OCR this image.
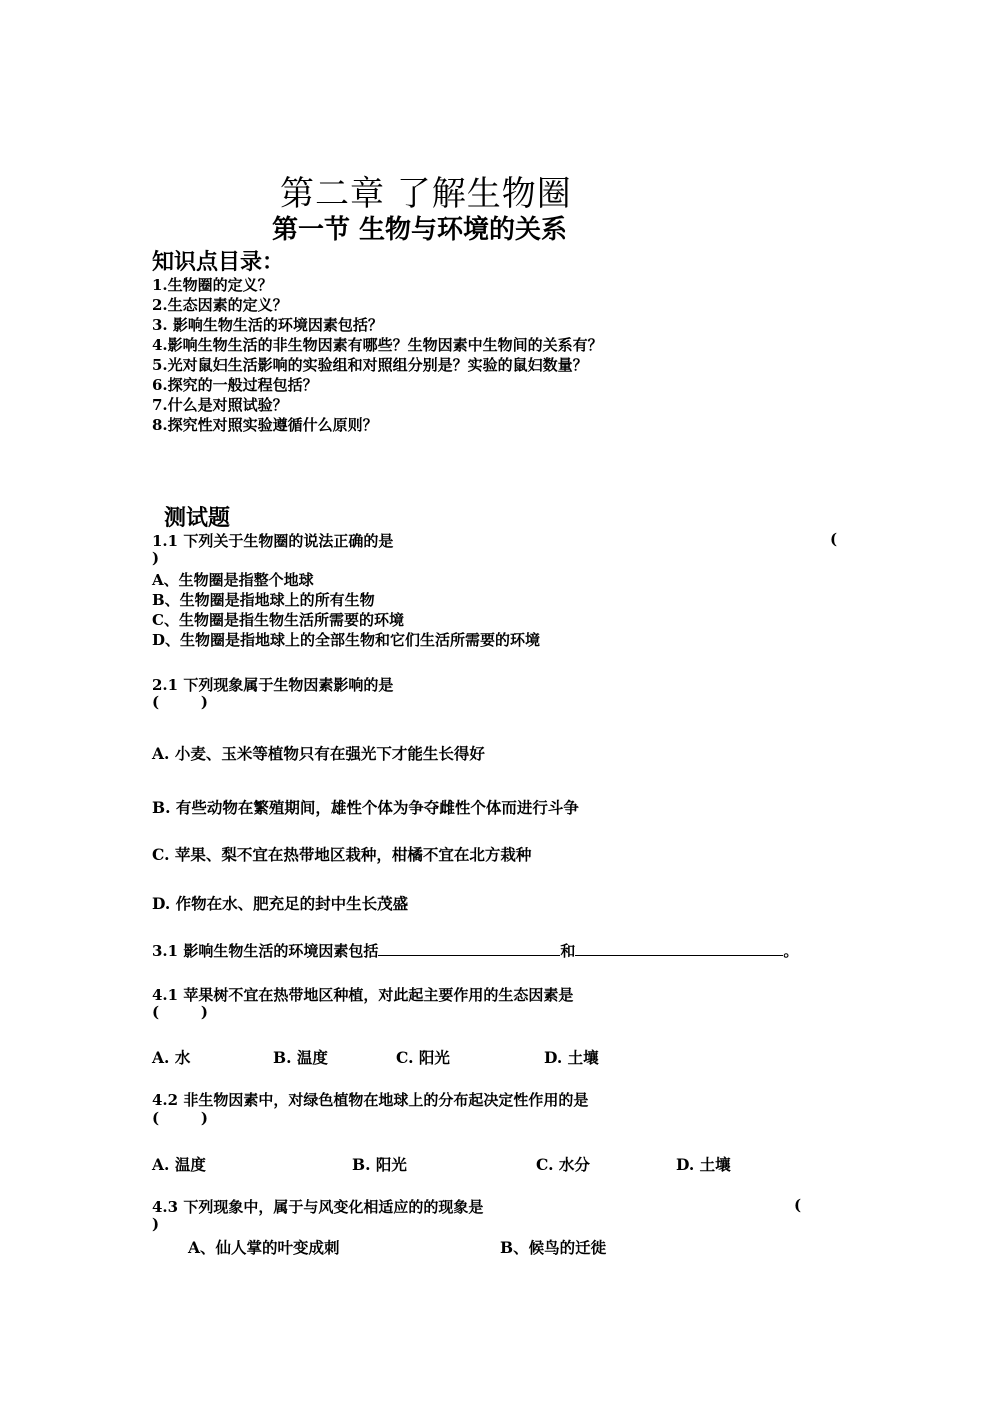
第二章 了解生物圈
第一节 生物与环境的关系
知识点目录：
1.生物圈的定义？
2.生态因素的定义？
3. 影响生物生活的环境因素包括？
4.影响生物生活的非生物因素有哪些？生物因素中生物间的关系有？
5.光对鼠妇生活影响的实验组和对照组分别是？实验的鼠妇数量？
6.探究的一般过程包括？
7.什么是对照试验？
8.探究性对照实验遵循什么原则？
测试题
1.1 下列关于生物圈的说法正确的是	(
)
A、生物圈是指整个地球
B、生物圈是指地球上的所有生物
C、生物圈是指生物生活所需要的环境
D、生物圈是指地球上的全部生物和它们生活所需要的环境
2.1 下列现象属于生物因素影响的是
(        )
A. 小麦、玉米等植物只有在强光下才能生长得好
B. 有些动物在繁殖期间，雄性个体为争夺雌性个体而进行斗争
C. 苹果、梨不宜在热带地区栽种，柑橘不宜在北方栽种
D. 作物在水、肥充足的封中生长茂盛
3.1 影响生物生活的环境因素包括	和	。
4.1 苹果树不宜在热带地区种植，对此起主要作用的生态因素是
(        )
A. 水	B. 温度	C. 阳光	D. 土壤
4.2 非生物因素中，对绿色植物在地球上的分布起决定性作用的是
(        )
A. 温度	B. 阳光	C. 水分	D. 土壤
4.3 下列现象中，属于与风变化相适应的的现象是	(
)
A、仙人掌的叶变成刺	B、候鸟的迁徙
